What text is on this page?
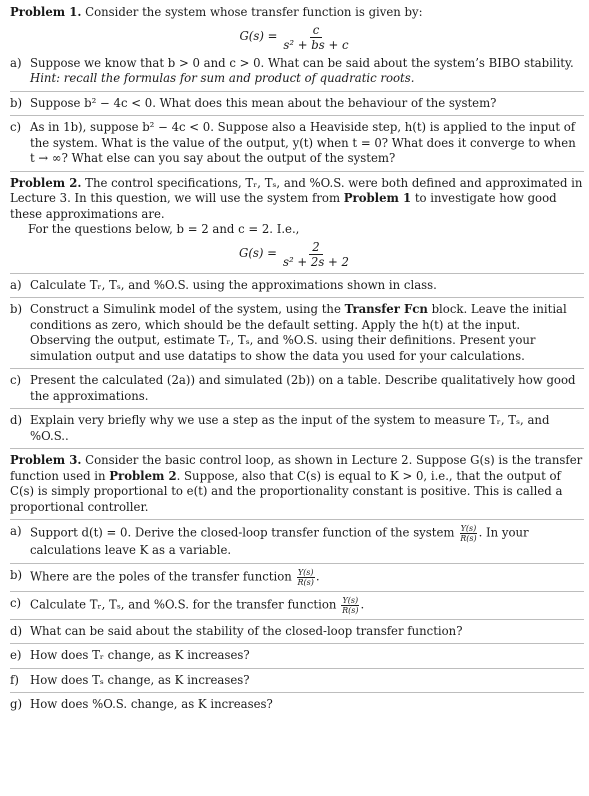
Problem 1. Consider the system whose transfer function is given by:

$G(s) = \frac{c}{\text{s² + bs + c}}$
a) Suppose we know that b > 0 and c > 0. What can be said about the system’s BIBO stability.
Hint: recall the formulas for sum and product of quadratic roots.
b) Suppose b² − 4c < 0. What does this mean about the behaviour of the system?
c) As in 1b), suppose b² − 4c < 0. Suppose also a Heaviside step, h(t) is applied to the input of the system. What is the value of the output, y(t) when t = 0? What does it converge to when t → ∞? What else can you say about the output of the system?

Problem 2. The control specifications, Tᵣ, Tₛ, and %O.S. were both defined and approximated in Lecture 3. In this question, we will use the system from Problem 1 to investigate how good these approximations are.

For the questions below, b = 2 and c = 2. I.e.,

$G(s) = \frac{2}{\text{s² + 2s + 2}}$
a) Calculate Tᵣ, Tₛ, and %O.S. using the approximations shown in class.
b) Construct a Simulink model of the system, using the Transfer Fcn block. Leave the initial conditions as zero, which should be the default setting. Apply the h(t) at the input. Observing the output, estimate Tᵣ, Tₛ, and %O.S. using their definitions. Present your simulation output and use datatips to show the data you used for your calculations.
c) Present the calculated (2a)) and simulated (2b)) on a table. Describe qualitatively how good the approximations.
d) Explain very briefly why we use a step as the input of the system to measure Tᵣ, Tₛ, and %O.S..

Problem 3. Consider the basic control loop, as shown in Lecture 2. Suppose G(s) is the transfer function used in Problem 2. Suppose, also that C(s) is equal to K > 0, i.e., that the output of C(s) is simply proportional to e(t) and the proportionality constant is positive. This is called a proportional controller.

a) Support d(t) = 0. Derive the closed-loop transfer function of the system $\frac{Y(s)}{R(s)}$ . In your calculations leave K as a variable.
b) Where are the poles of the transfer function $\frac{Y(s)}{R(s)}$ .
c) Calculate Tᵣ, Tₛ, and %O.S. for the transfer function $\frac{Y(s)}{R(s)}$ .
d) What can be said about the stability of the closed-loop transfer function?
e) How does Tᵣ change, as K increases?
f) How does Tₛ change, as K increases?
g) How does %O.S. change, as K increases?
